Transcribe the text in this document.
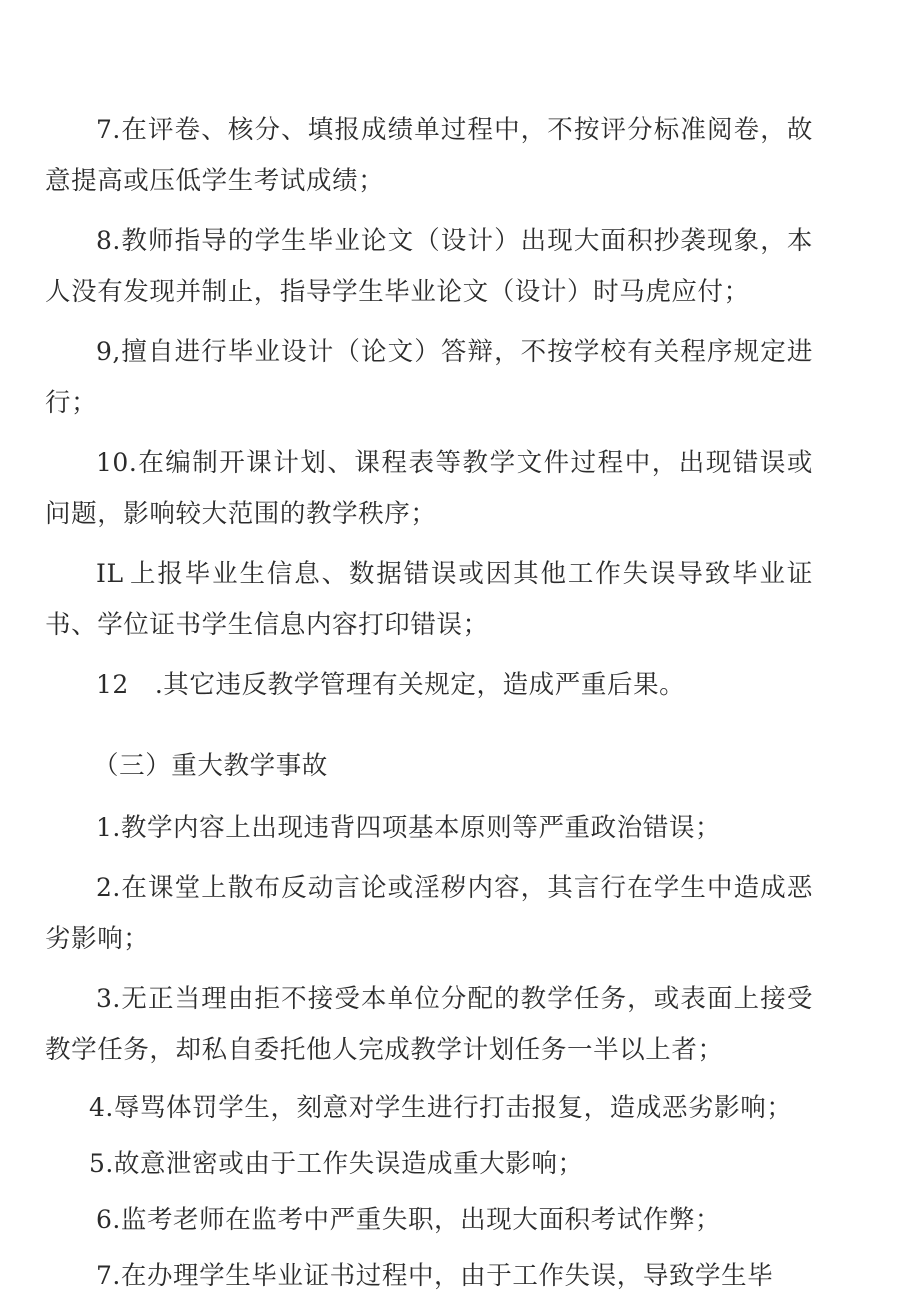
7.在评卷、核分、填报成绩单过程中，不按评分标准阅卷，故意提高或压低学生考试成绩；

8.教师指导的学生毕业论文（设计）出现大面积抄袭现象，本人没有发现并制止，指导学生毕业论文（设计）时马虎应付；

9,擅自进行毕业设计（论文）答辩，不按学校有关程序规定进行；

10.在编制开课计划、课程表等教学文件过程中，出现错误或问题，影响较大范围的教学秩序；

IL 上报毕业生信息、数据错误或因其他工作失误导致毕业证书、学位证书学生信息内容打印错误；

12 .其它违反教学管理有关规定，造成严重后果。

（三）重大教学事故

1.教学内容上出现违背四项基本原则等严重政治错误；

2.在课堂上散布反动言论或淫秽内容，其言行在学生中造成恶劣影响；

3.无正当理由拒不接受本单位分配的教学任务，或表面上接受教学任务，却私自委托他人完成教学计划任务一半以上者；

4.辱骂体罚学生，刻意对学生进行打击报复，造成恶劣影响；

5.故意泄密或由于工作失误造成重大影响；

6.监考老师在监考中严重失职，出现大面积考试作弊；

7.在办理学生毕业证书过程中，由于工作失误，导致学生毕
